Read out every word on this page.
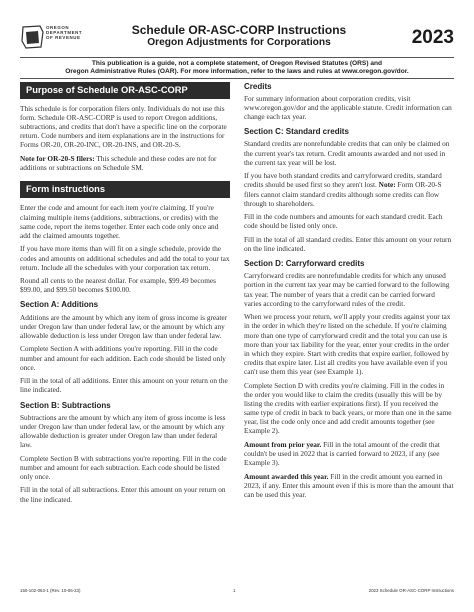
OREGON
DEPARTMENT
OF REVENUE
Schedule OR-ASC-CORP Instructions
Oregon Adjustments for Corporations	2023
This publication is a guide, not a complete statement, of Oregon Revised Statutes (ORS) and
Oregon Administrative Rules (OAR). For more information, refer to the laws and rules at www.oregon.gov/dor.
Purpose of Schedule OR-ASC-CORP

This schedule is for corporation filers only. Individuals do not use this form. Schedule OR-ASC-CORP is used to report Oregon additions, subtractions, and credits that don't have a specific line on the corporate return. Code numbers and item explanations are in the instructions for Forms OR-20, OR-20-INC, OR-20-INS, and OR-20-S.

Note for OR-20-S filers: This schedule and these codes are not for additions or subtractions on Schedule SM.

Form instructions

Enter the code and amount for each item you're claiming. If you're claiming multiple items (additions, subtractions, or credits) with the same code, report the items together. Enter each code only once and add the claimed amounts together.

If you have more items than will fit on a single schedule, provide the codes and amounts on additional schedules and add the total to your tax return. Include all the schedules with your corporation tax return.

Round all cents to the nearest dollar. For example, $99.49 becomes $99.00, and $99.50 becomes $100.00.

Section A: Additions

Additions are the amount by which any item of gross income is greater under Oregon law than under federal law, or the amount by which any allowable deduction is less under Oregon law than under federal law.

Complete Section A with additions you're reporting. Fill in the code number and amount for each addition. Each code should be listed only once.

Fill in the total of all additions. Enter this amount on your return on the line indicated.

Section B: Subtractions

Subtractions are the amount by which any item of gross income is less under Oregon law than under federal law, or the amount by which any allowable deduction is greater under Oregon law than under federal law.

Complete Section B with subtractions you're reporting. Fill in the code number and amount for each subtraction. Each code should be listed only once.

Fill in the total of all subtractions. Enter this amount on your return on the line indicated.

Credits

For summary information about corporation credits, visit www.oregon.gov/dor and the applicable statute. Credit information can change each tax year.

Section C: Standard credits

Standard credits are nonrefundable credits that can only be claimed on the current year's tax return. Credit amounts awarded and not used in the current tax year will be lost.

If you have both standard credits and carryforward credits, standard credits should be used first so they aren't lost. Note: Form OR-20-S filers cannot claim standard credits although some credits can flow through to shareholders.

Fill in the code numbers and amounts for each standard credit. Each code should be listed only once.

Fill in the total of all standard credits. Enter this amount on your return on the line indicated.

Section D: Carryforward credits

Carryforward credits are nonrefundable credits for which any unused portion in the current tax year may be carried forward to the following tax year. The number of years that a credit can be carried forward varies according to the carryforward rules of the credit.

When we process your return, we'll apply your credits against your tax in the order in which they're listed on the schedule. If you're claiming more than one type of carryforward credit and the total you can use is more than your tax liability for the year, enter your credits in the order in which they expire. Start with credits that expire earlier, followed by credits that expire later. List all credits you have available even if you can't use them this year (see Example 1).

Complete Section D with credits you're claiming. Fill in the codes in the order you would like to claim the credits (usually this will be by listing the credits with earlier expirations first). If you received the same type of credit in back to back years, or more than one in the same year, list the code only once and add credit amounts together (see Example 2).

Amount from prior year. Fill in the total amount of the credit that couldn't be used in 2022 that is carried forward to 2023, if any (see Example 3).

Amount awarded this year. Fill in the credit amount you earned in 2023, if any. Enter this amount even if this is more than the amount that can be used this year.

150-102-063-1 (Rev. 10-06-23)	1	2023 Schedule OR-ASC-CORP Instructions
